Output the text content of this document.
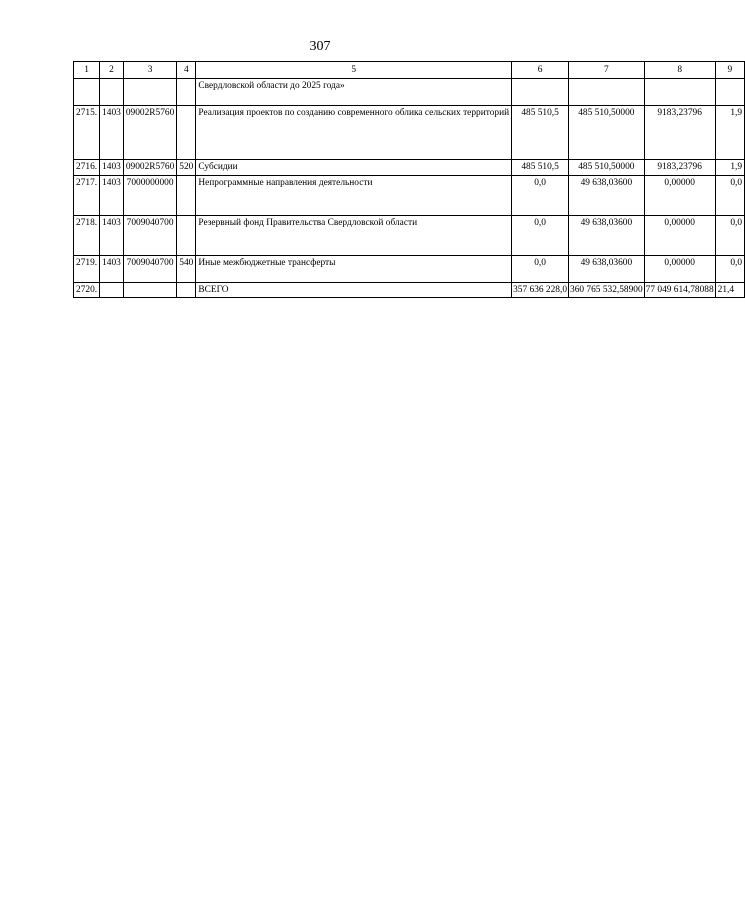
307
1	2	3	4	5	6	7	8	9
				Свердловской области до 2025 года»				
2715.	1403	09002R5760		Реализация проектов по созданию современного облика сельских территорий	485 510,5	485 510,50000	9183,23796	1,9
2716.	1403	09002R5760	520	Субсидии	485 510,5	485 510,50000	9183,23796	1,9
2717.	1403	7000000000		Непрограммные направления деятельности	0,0	49 638,03600	0,00000	0,0
2718.	1403	7009040700		Резервный фонд Правительства Свердловской области	0,0	49 638,03600	0,00000	0,0
2719.	1403	7009040700	540	Иные межбюджетные трансферты	0,0	49 638,03600	0,00000	0,0
2720.				ВСЕГО	357 636 228,0	360 765 532,58900	77 049 614,78088	21,4
